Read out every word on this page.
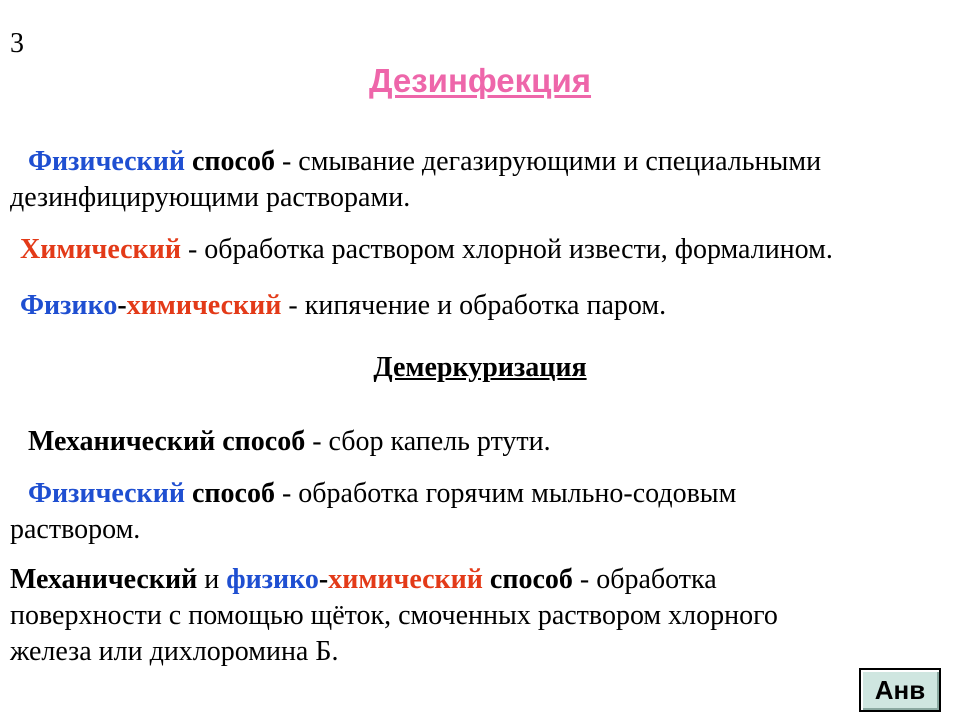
3
Дезинфекция
Физический способ - смывание дегазирующими и специальными
дезинфицирующими растворами.
Химический - обработка раствором хлорной извести, формалином.
Физико-химический - кипячение и обработка паром.
Демеркуризация
Механический способ - сбор капель ртути.
Физический способ - обработка горячим мыльно-содовым
раствором.
Механический и физико-химический способ - обработка
поверхности с помощью щёток, смоченных раствором хлорного
железа или дихлоромина Б.
Анв
